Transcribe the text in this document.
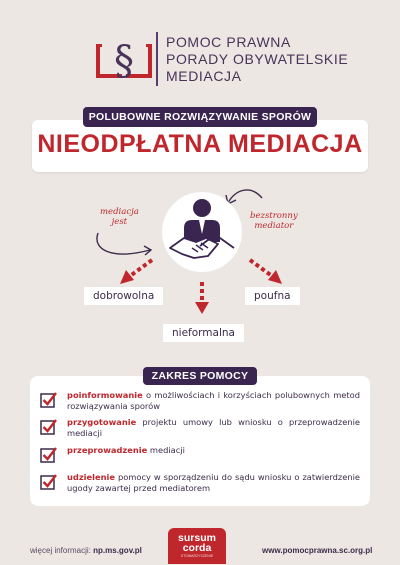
§ POMOC PRAWNA
PORADY OBYWATELSKIE
MEDIACJA
POLUBOWNE ROZWIĄZYWANIE SPORÓW
NIEODPŁATNA MEDIACJA
mediacja
jest
bezstronny
mediator
dobrowolna
nieformalna
poufna
ZAKRES POMOCY
poinformowanie o możliwościach i korzyściach polubownych metod rozwiązywania sporów
przygotowanie projektu umowy lub wniosku o przeprowadzenie mediacji
przeprowadzenie mediacji
udzielenie pomocy w sporządzeniu do sądu wniosku o zatwierdzenie ugody zawartej przed mediatorem
więcej informacji: np.ms.gov.pl
sursum
corda
STOWARZYSZENIE
www.pomocprawna.sc.org.pl
